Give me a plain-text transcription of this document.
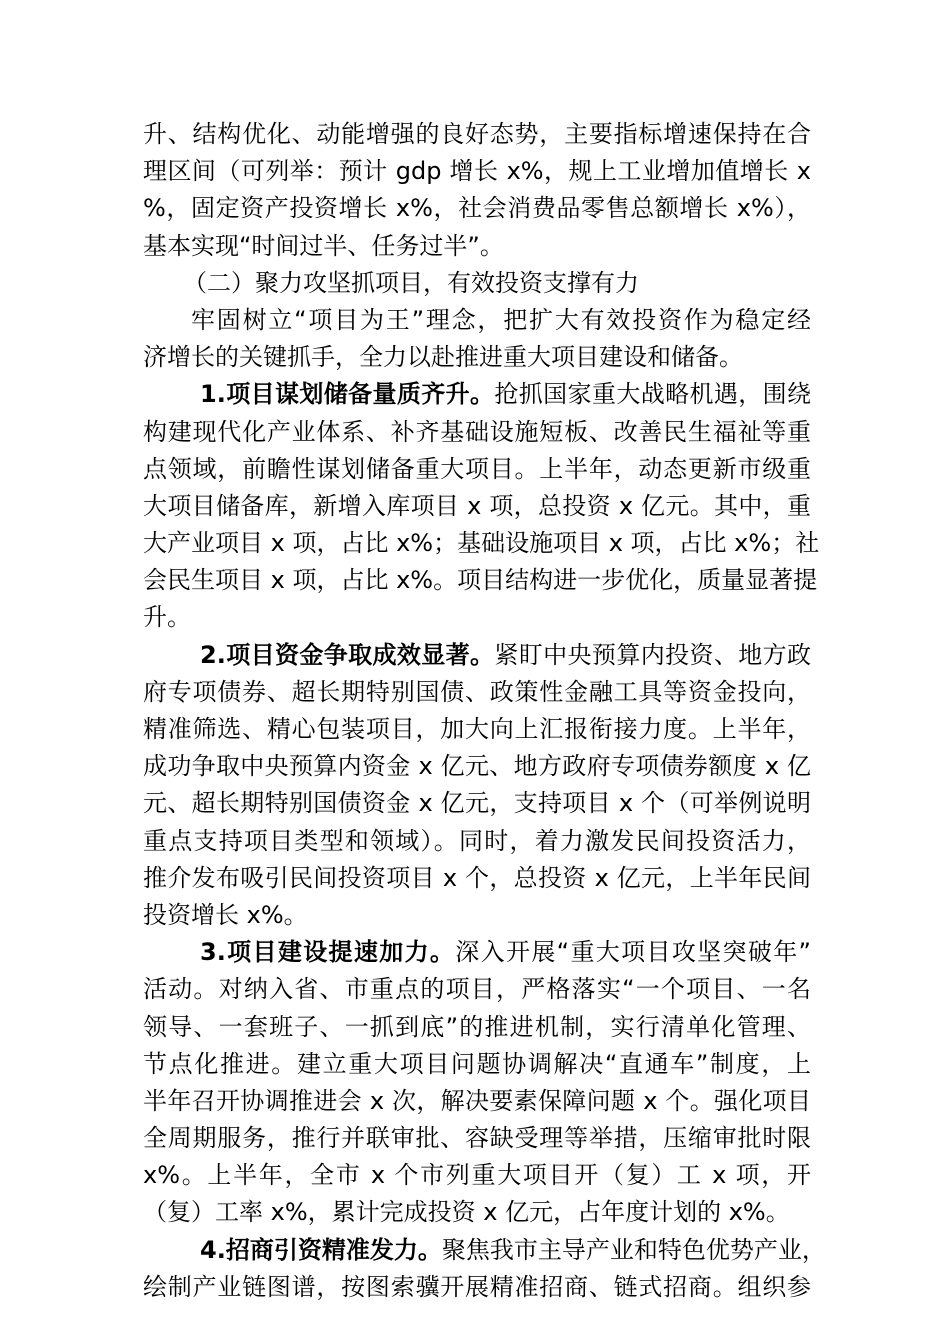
升、结构优化、动能增强的良好态势，主要指标增速保持在合
理区间（可列举：预计 gdp 增长 x%，规上工业增加值增长 x
%，固定资产投资增长 x%，社会消费品零售总额增长 x%），
基本实现“时间过半、任务过半”。
（二）聚力攻坚抓项目，有效投资支撑有力
牢固树立“项目为王”理念，把扩大有效投资作为稳定经
济增长的关键抓手，全力以赴推进重大项目建设和储备。
1.项目谋划储备量质齐升。抢抓国家重大战略机遇，围绕
构建现代化产业体系、补齐基础设施短板、改善民生福祉等重
点领域，前瞻性谋划储备重大项目。上半年，动态更新市级重
大项目储备库，新增入库项目 x 项，总投资 x 亿元。其中，重
大产业项目 x 项，占比 x%；基础设施项目 x 项，占比 x%；社
会民生项目 x 项，占比 x%。项目结构进一步优化，质量显著提
升。
2.项目资金争取成效显著。紧盯中央预算内投资、地方政
府专项债券、超长期特别国债、政策性金融工具等资金投向，
精准筛选、精心包装项目，加大向上汇报衔接力度。上半年，
成功争取中央预算内资金 x 亿元、地方政府专项债券额度 x 亿
元、超长期特别国债资金 x 亿元，支持项目 x 个（可举例说明
重点支持项目类型和领域）。同时，着力激发民间投资活力，
推介发布吸引民间投资项目 x 个，总投资 x 亿元，上半年民间
投资增长 x%。
3.项目建设提速加力。深入开展“重大项目攻坚突破年”
活动。对纳入省、市重点的项目，严格落实“一个项目、一名
领导、一套班子、一抓到底”的推进机制，实行清单化管理、
节点化推进。建立重大项目问题协调解决“直通车”制度，上
半年召开协调推进会 x 次，解决要素保障问题 x 个。强化项目
全周期服务，推行并联审批、容缺受理等举措，压缩审批时限
x%。上半年，全市 x 个市列重大项目开（复）工 x 项，开
（复）工率 x%，累计完成投资 x 亿元，占年度计划的 x%。
4.招商引资精准发力。聚焦我市主导产业和特色优势产业，
绘制产业链图谱，按图索骥开展精准招商、链式招商。组织参
